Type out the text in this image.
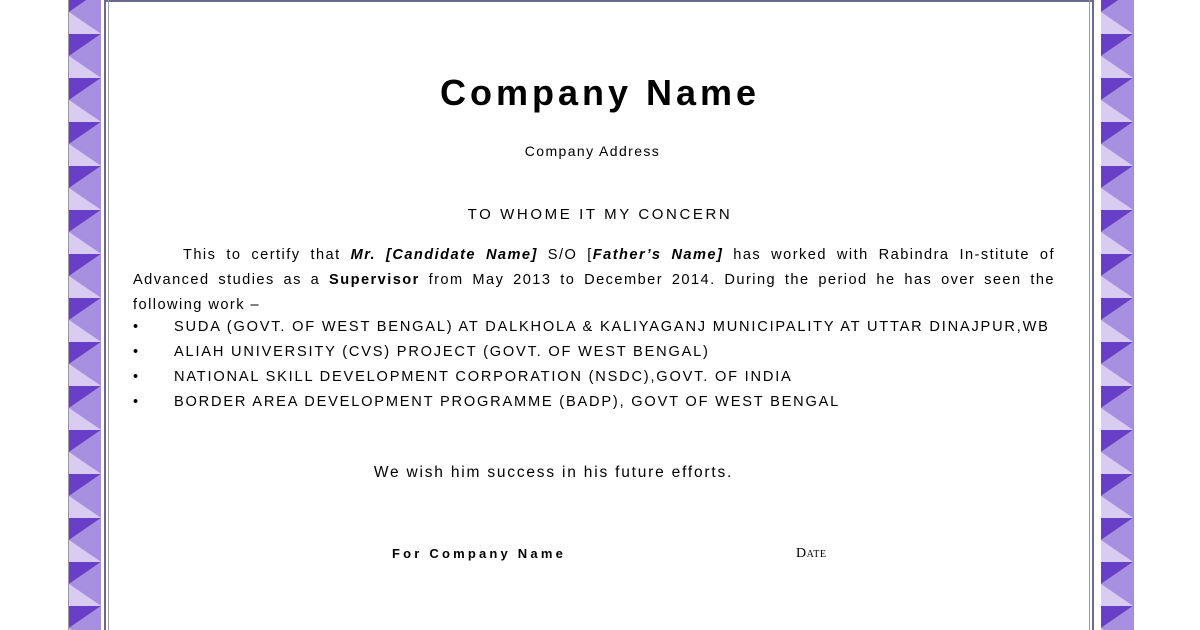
Company Name
Company Address
TO WHOME IT MY CONCERN
This to certify that Mr. [Candidate Name] S/O [Father’s Name] has worked with Rabindra In-stitute of Advanced studies as a Supervisor from May 2013 to December 2014. During the period he has over seen the following work –
• SUDA (GOVT. OF WEST BENGAL) AT DALKHOLA & KALIYAGANJ MUNICIPALITY AT UTTAR DINAJPUR,WB
• ALIAH UNIVERSITY (CVS) PROJECT (GOVT. OF WEST BENGAL)
• NATIONAL SKILL DEVELOPMENT CORPORATION (NSDC),GOVT. OF INDIA
• BORDER AREA DEVELOPMENT PROGRAMME (BADP), GOVT OF WEST BENGAL
We wish him success in his future efforts.
For Company Name	Date
